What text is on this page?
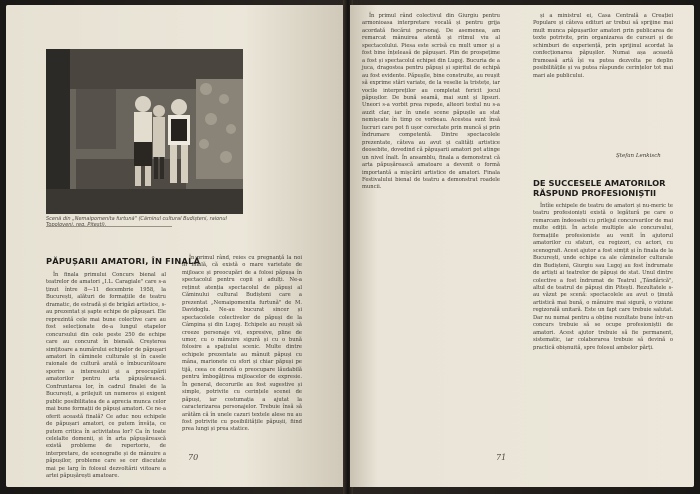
Scenă din „Nemaipomenita furtună" (Căminul cultural Budișteni, raionul
PĂPUȘARII AMATORI, ÎN FINALĂ

În finala primului Concurs bienal al teatrelor de amatori „I.L. Caragiale" care s-a ținut între 8—11 decembrie 1958, la București, alături de formațiile de teatru dramatic, de estradă și de brigăzi artistice, s-au prezentat și șapte echipe de păpușari. Ele reprezintă cele mai bune colective care au fost selecționate de-a lungul etapelor concursului din cele peste 250 de echipe care au concurat în bienală. Creșterea simțitoare a numărului echipelor de păpușari amatori în căminele culturale și în casele raionale de cultură arată o îmbucurătoare sporire a interesului și a preocupării amatorilor pentru arta păpușărească. Confruntarea lor, în cadrul finalei de la București, a prilejuit un numeros și exigent public posibilitatea de a aprecia munca celor mai bune formații de păpuși amatori. Ce ne-a oferit această finală? Ce aduc nou echipele de păpușari amatori, ce putem învăța, ce putem critica în activitatea lor? Ca în toate celelalte domenii, și în arta păpușărească există probleme de repertoriu, de interpretare, de scenografie și de mânuire a păpușilor, probleme care se cer discutate mai pe larg în folosul dezvoltării viitoare a artei păpușărești amatoare.

În primul rând, reies cu pregnanță la noi în finală, că există o mare varietate de mijloace și preocupări de a folosi păpușa în spectacolul pentru copii și adulți. Ne-a reținut atenția spectacolul de păpuși al Căminului cultural Budișteni care a prezentat „Nemaipomenita furtună" de M. Davidoglu. Ne-au bucurat sincer și spectacolele colectivelor de păpuși de la Câmpina și din Lugoj. Echipele au reușit să creeze personaje vii, expresive, pline de umor, cu o mânuire sigură și cu o bună folosire a spațiului scenic. Multe dintre echipele prezentate au mânuit păpuși cu mâna, marionete cu sfori și chiar păpuși pe tijă, ceea ce denotă o preocupare lăudabilă pentru îmbogățirea mijloacelor de expresie. În general, decorurile au fost sugestive și simple, potrivite cu cerințele scenei de păpuși, iar costumația a ajutat la caracterizarea personajelor. Trebuie însă să arătăm că în unele cazuri textele alese nu au fost potrivite cu posibilitățile păpușii, fiind prea lungi și prea statice.

70

În primul rând colectivul din Giurgiu pentru armonioasa interpretare vocală și pentru grija acordată fiecărui personaj. De asemenea, am remarcat mânuirea atentă și ritmul viu al spectacolului. Piesa este scrisă cu mult umor și a fost bine înțeleasă de păpușari. Plin de prospețime a fost și spectacolul echipei din Lugoj. Bucuria de a juca, dragostea pentru păpuși și spiritul de echipă au fost evidente. Păpușile, bine construite, au reușit să exprime stări variate, de la veselie la tristețe, iar vocile interpreților au completat fericit jocul păpușilor. De bună seamă, mai sunt și lipsuri. Uneori s-a vorbit prea repede, alteori textul nu s-a auzit clar, iar în unele scene păpușile au stat nemișcate în timp ce vorbeau. Acestea sunt însă lucruri care pot fi ușor corectate prin muncă și prin îndrumare competentă. Dintre spectacolele prezentate, câteva au avut și calități artistice deosebite, dovedind că păpușarii amatori pot atinge un nivel înalt. În ansamblu, finala a demonstrat că arta păpușărească amatoare a devenit o formă importantă a mișcării artistice de amatori. Finala Festivalului bienal de teatru a demonstrat roadele muncii.

și a ministrul ei, Casa Centrală a Creației Populare și câteva edituri ar trebui să sprijine mai mult munca păpușarilor amatori prin publicarea de texte potrivite, prin organizarea de cursuri și de schimburi de experiență, prin sprijinul acordat la confecționarea păpușilor. Numai așa această frumoasă artă își va putea dezvolta pe deplin posibilitățile și va putea răspunde cerințelor tot mai mari ale publicului.

Ștefan Lenkisch
DE SUCCESELE AMATORILOR RĂSPUND PROFESIONIȘTII

Întîie echipele de teatru de amatori și nu-meric te teatru profesioniști există o legătură pe care o remarcam îndeosebi cu prilejul concursurilor de mai multe ediții. În actele multiple ale concursului, formațiile profesioniste au venit în ajutorul amatorilor cu sfaturi, cu regizori, cu actori, cu scenografi. Acest ajutor a fost simțit și în finala de la București, unde echipe ca ale căminelor culturale din Budișteni, Giurgiu sau Lugoj au fost îndrumate de artiști ai teatrelor de păpuși de stat. Unul dintre colective a fost îndrumat de Teatrul „Țăndărică", altul de teatrul de păpuși din Pitești. Rezultatele s-au văzut pe scenă: spectacolele au avut o ținută artistică mai bună, o mânuire mai sigură, o viziune regizorală unitară. Este un fapt care trebuie salutat. Dar nu numai pentru a obține rezultate bune într-un concurs trebuie să se ocupe profesioniștii de amatori. Acest ajutor trebuie să fie permanent, sistematic, iar colaborarea trebuie să devină o practică obișnuită, spre folosul ambelor părți.

71
